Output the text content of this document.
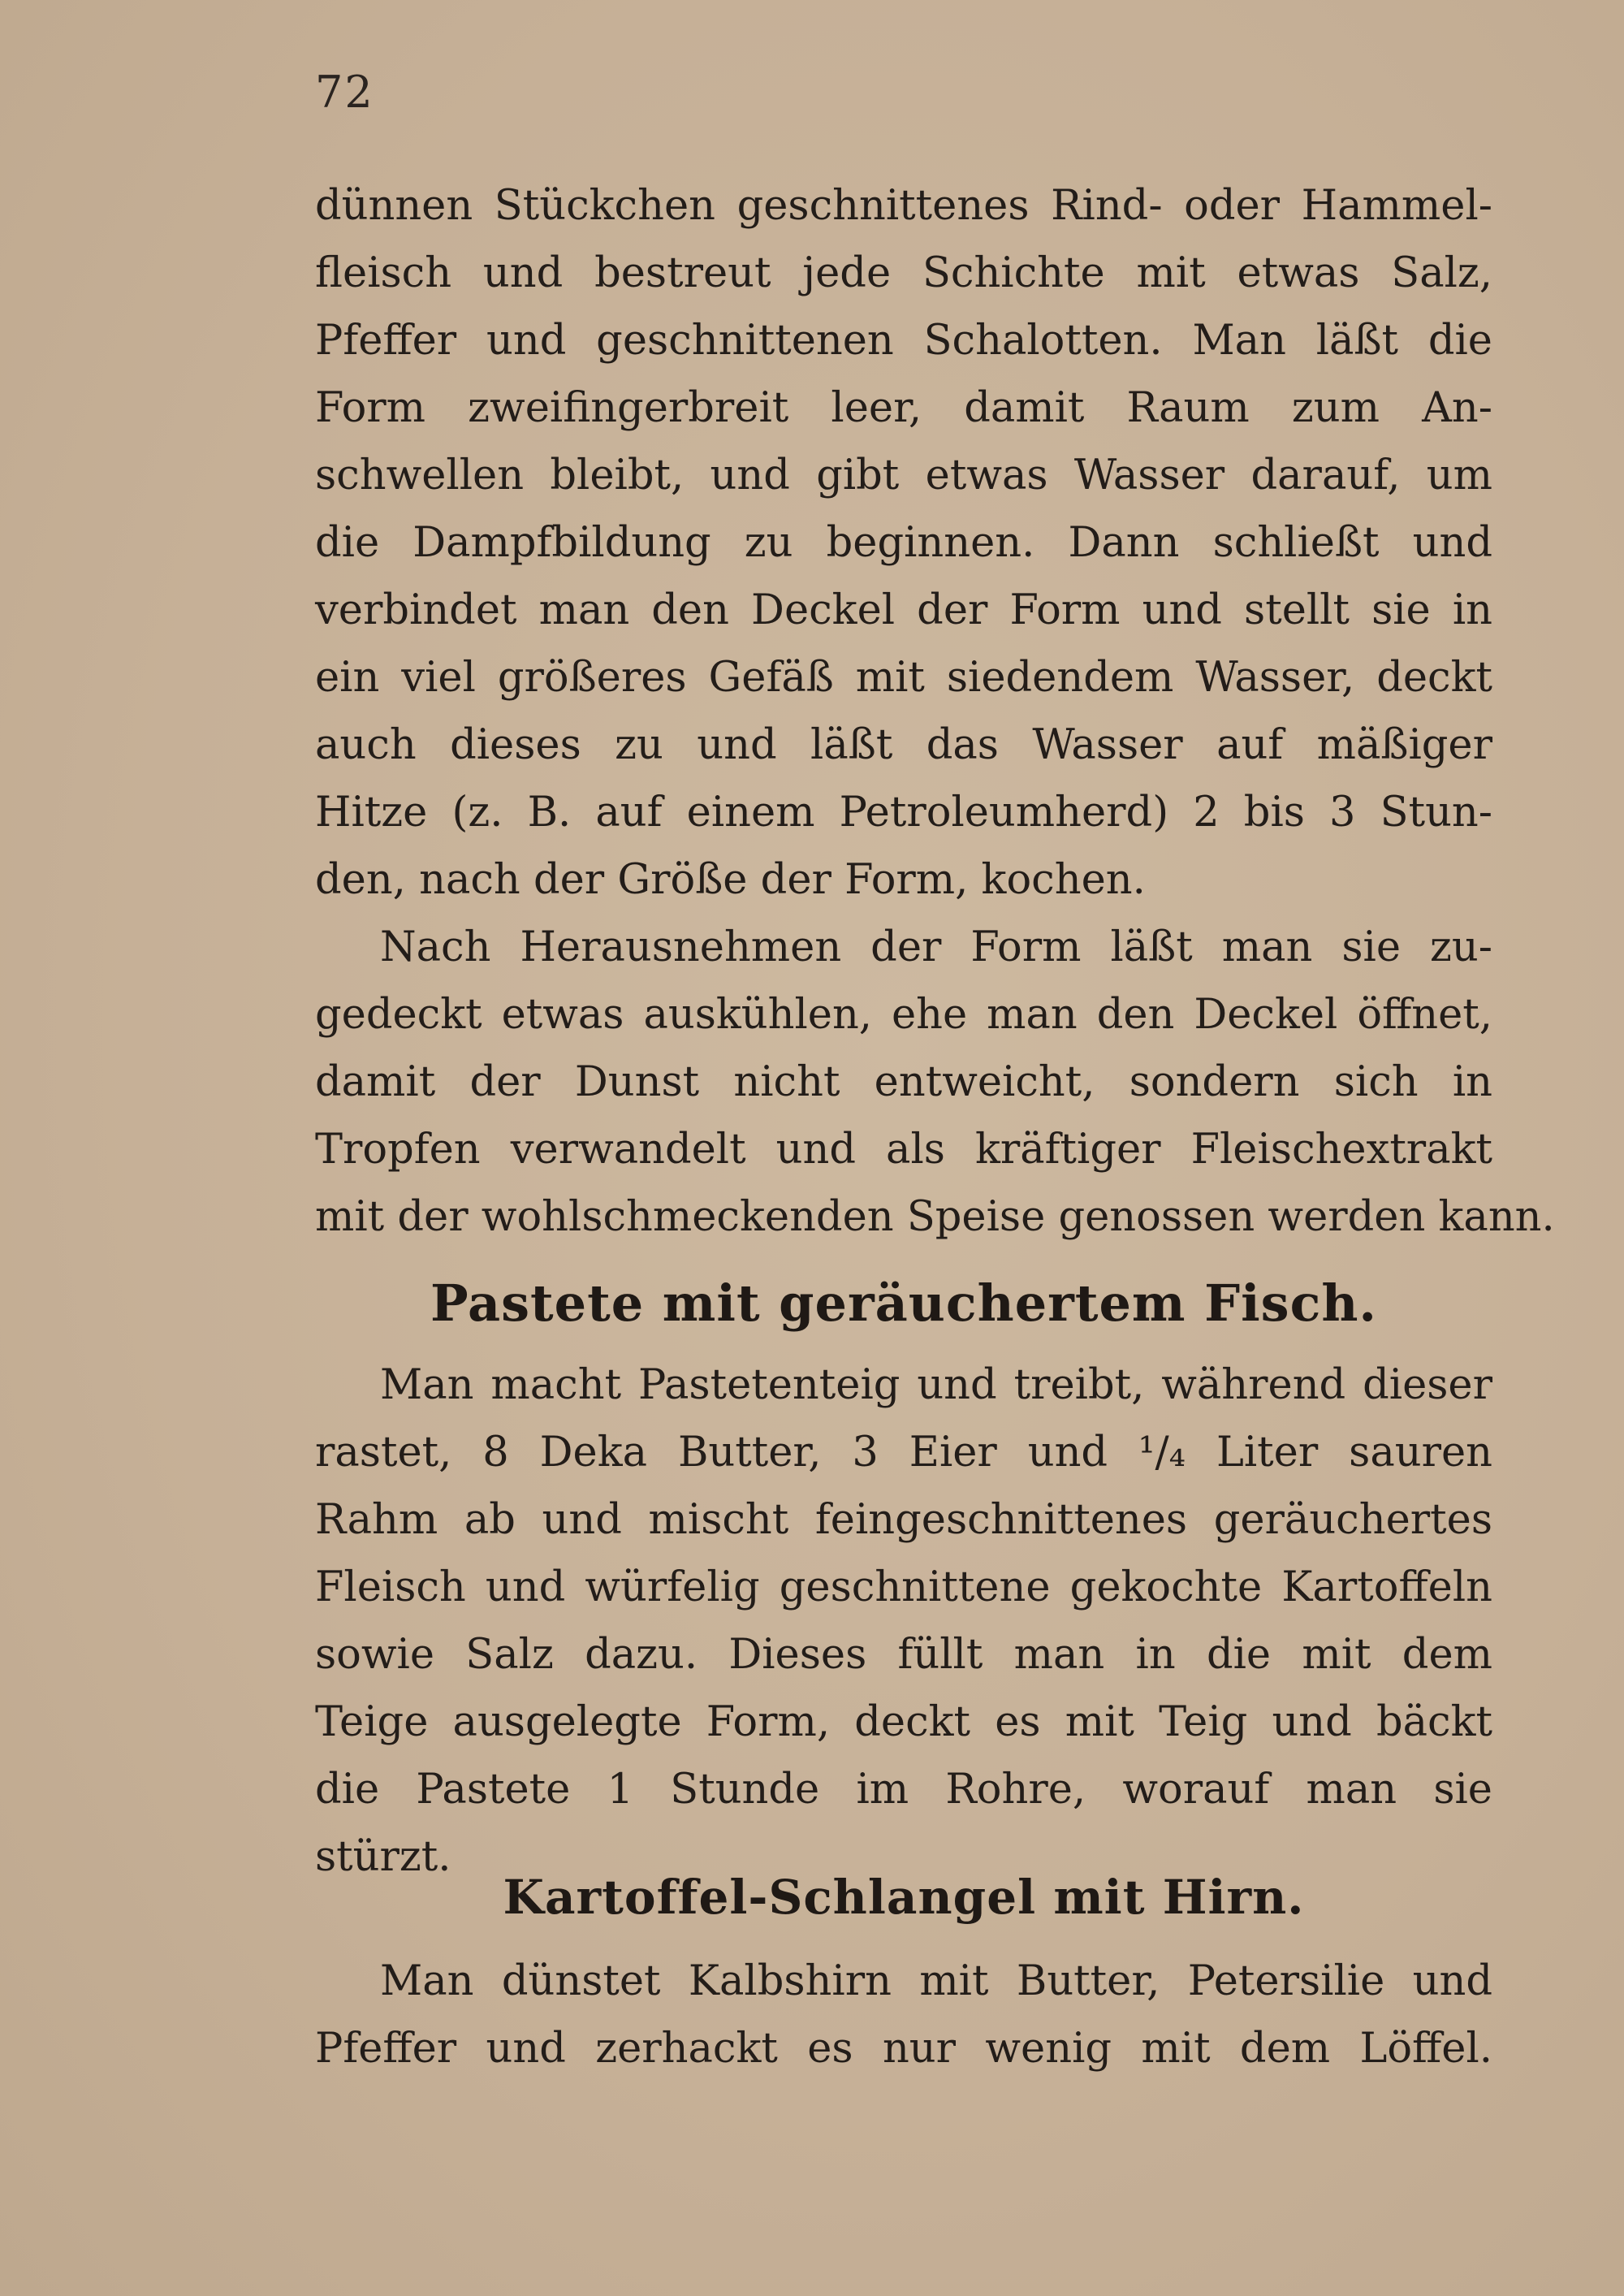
72
dünnen Stückchen geschnittenes Rind- oder Hammel-
fleisch und bestreut jede Schichte mit etwas Salz,
Pfeffer und geschnittenen Schalotten. Man läßt die
Form zweifingerbreit leer, damit Raum zum An-
schwellen bleibt, und gibt etwas Wasser darauf, um
die Dampfbildung zu beginnen. Dann schließt und
verbindet man den Deckel der Form und stellt sie in
ein viel größeres Gefäß mit siedendem Wasser, deckt
auch dieses zu und läßt das Wasser auf mäßiger
Hitze (z. B. auf einem Petroleumherd) 2 bis 3 Stun-
den, nach der Größe der Form, kochen.
Nach Herausnehmen der Form läßt man sie zu-
gedeckt etwas auskühlen, ehe man den Deckel öffnet,
damit der Dunst nicht entweicht, sondern sich in
Tropfen verwandelt und als kräftiger Fleischextrakt
mit der wohlschmeckenden Speise genossen werden kann.
Pastete mit geräuchertem Fisch.
Man macht Pastetenteig und treibt, während dieser
rastet, 8 Deka Butter, 3 Eier und ¹/₄ Liter sauren
Rahm ab und mischt feingeschnittenes geräuchertes
Fleisch und würfelig geschnittene gekochte Kartoffeln
sowie Salz dazu. Dieses füllt man in die mit dem
Teige ausgelegte Form, deckt es mit Teig und bäckt
die Pastete 1 Stunde im Rohre, worauf man sie
stürzt.
Kartoffel-Schlangel mit Hirn.
Man dünstet Kalbshirn mit Butter, Petersilie und
Pfeffer und zerhackt es nur wenig mit dem Löffel.
